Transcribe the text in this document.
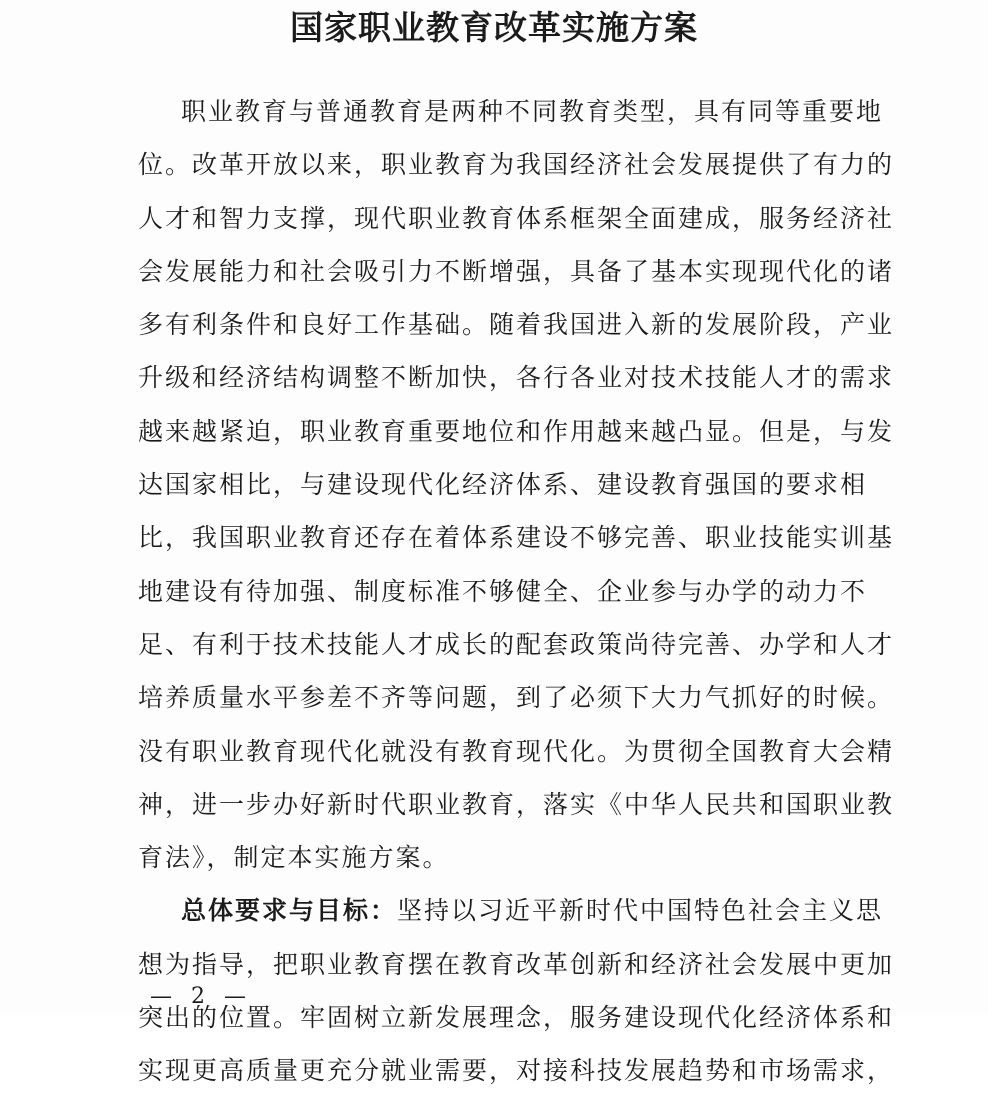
国家职业教育改革实施方案
职业教育与普通教育是两种不同教育类型，具有同等重要地
位。改革开放以来，职业教育为我国经济社会发展提供了有力的
人才和智力支撑，现代职业教育体系框架全面建成，服务经济社
会发展能力和社会吸引力不断增强，具备了基本实现现代化的诸
多有利条件和良好工作基础。随着我国进入新的发展阶段，产业
升级和经济结构调整不断加快，各行各业对技术技能人才的需求
越来越紧迫，职业教育重要地位和作用越来越凸显。但是，与发
达国家相比，与建设现代化经济体系、建设教育强国的要求相
比，我国职业教育还存在着体系建设不够完善、职业技能实训基
地建设有待加强、制度标准不够健全、企业参与办学的动力不
足、有利于技术技能人才成长的配套政策尚待完善、办学和人才
培养质量水平参差不齐等问题，到了必须下大力气抓好的时候。
没有职业教育现代化就没有教育现代化。为贯彻全国教育大会精
神，进一步办好新时代职业教育，落实《中华人民共和国职业教
育法》，制定本实施方案。
总体要求与目标：坚持以习近平新时代中国特色社会主义思
想为指导，把职业教育摆在教育改革创新和经济社会发展中更加
突出的位置。牢固树立新发展理念，服务建设现代化经济体系和
实现更高质量更充分就业需要，对接科技发展趋势和市场需求，

— 2 —
